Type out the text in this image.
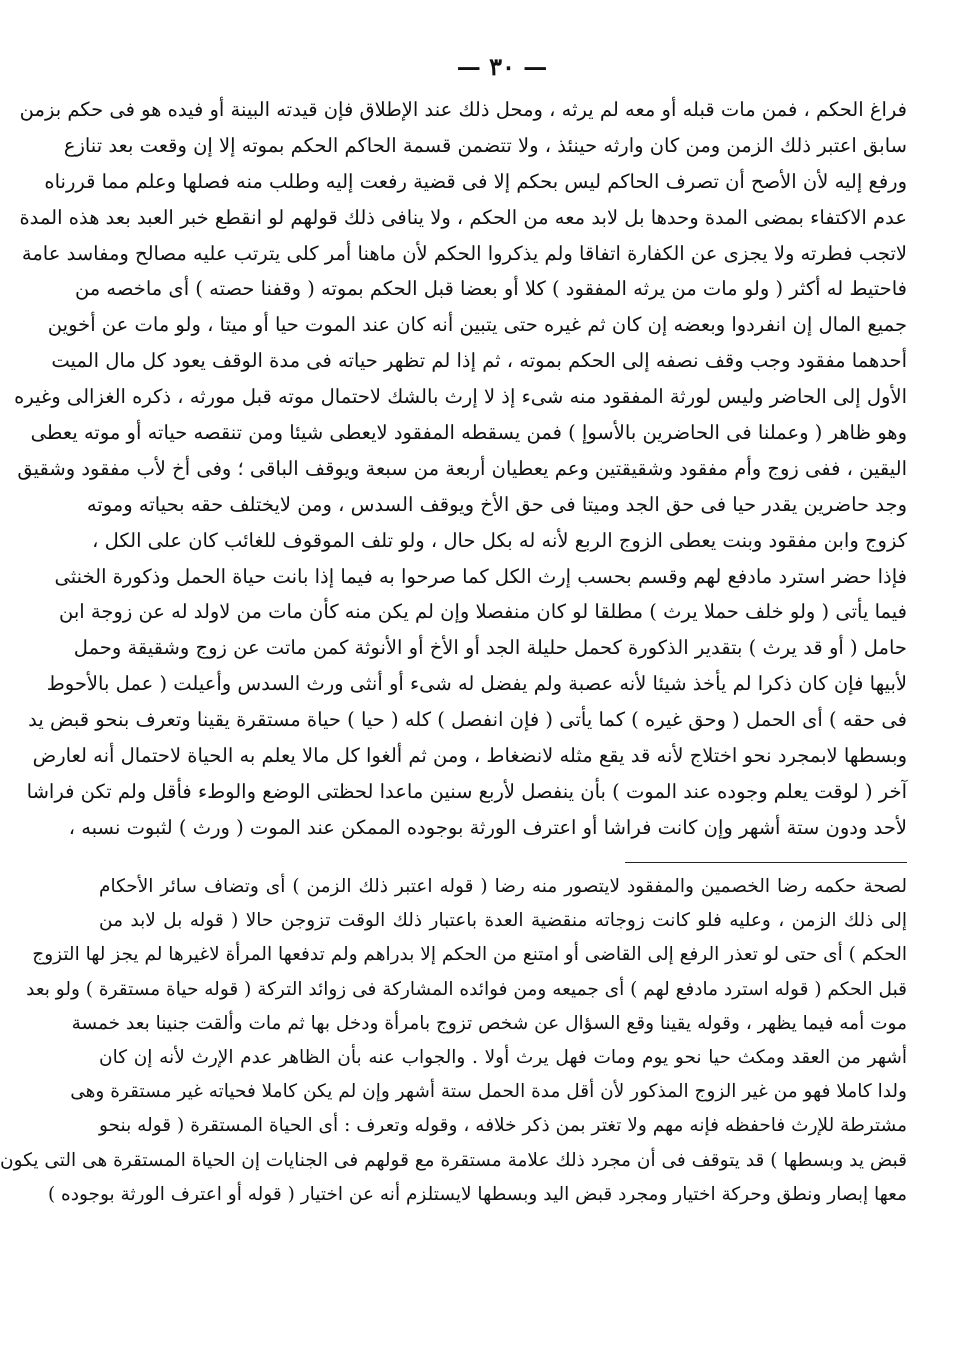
— ٣٠ —
فراغ الحكم ، فمن مات قبله أو معه لم يرثه ، ومحل ذلك عند الإطلاق فإن قيدته البينة أو فيده هو فى حكم بزمن
سابق اعتبر ذلك الزمن ومن كان وارثه حينئذ ، ولا تتضمن قسمة الحاكم الحكم بموته إلا إن وقعت بعد تنازع
ورفع إليه لأن الأصح أن تصرف الحاكم ليس بحكم إلا فى قضية رفعت إليه وطلب منه فصلها وعلم مما قررناه
عدم الاكتفاء بمضى المدة وحدها بل لابد معه من الحكم ، ولا ينافى ذلك قولهم لو انقطع خبر العبد بعد هذه المدة
لاتجب فطرته ولا يجزى عن الكفارة اتفاقا ولم يذكروا الحكم لأن ماهنا أمر كلى يترتب عليه مصالح ومفاسد عامة
فاحتيط له أكثر ( ولو مات من يرثه المفقود ) كلا أو بعضا قبل الحكم بموته ( وقفنا حصته ) أى ماخصه من
جميع المال إن انفردوا وبعضه إن كان ثم غيره حتى يتبين أنه كان عند الموت حيا أو ميتا ، ولو مات عن أخوين
أحدهما مفقود وجب وقف نصفه إلى الحكم بموته ، ثم إذا لم تظهر حياته فى مدة الوقف يعود كل مال الميت
الأول إلى الحاضر وليس لورثة المفقود منه شىء إذ لا إرث بالشك لاحتمال موته قبل مورثه ، ذكره الغزالى وغيره
وهو ظاهر ( وعملنا فى الحاضرين بالأسوإ ) فمن يسقطه المفقود لايعطى شيئا ومن تنقصه حياته أو موته يعطى
اليقين ، ففى زوج وأم مفقود وشقيقتين وعم يعطيان أربعة من سبعة ويوقف الباقى ؛ وفى أخ لأب مفقود وشقيق
وجد حاضرين يقدر حيا فى حق الجد وميتا فى حق الأخ ويوقف السدس ، ومن لايختلف حقه بحياته وموته
كزوج وابن مفقود وبنت يعطى الزوج الربع لأنه له بكل حال ، ولو تلف الموقوف للغائب كان على الكل ،
فإذا حضر استرد مادفع لهم وقسم بحسب إرث الكل كما صرحوا به فيما إذا بانت حياة الحمل وذكورة الخنثى
فيما يأتى ( ولو خلف حملا يرث ) مطلقا لو كان منفصلا وإن لم يكن منه كأن مات من لاولد له عن زوجة ابن
حامل ( أو قد يرث ) بتقدير الذكورة كحمل حليلة الجد أو الأخ أو الأنوثة كمن ماتت عن زوج وشقيقة وحمل
لأبيها فإن كان ذكرا لم يأخذ شيئا لأنه عصبة ولم يفضل له شىء أو أنثى ورث السدس وأعيلت ( عمل بالأحوط
فى حقه ) أى الحمل ( وحق غيره ) كما يأتى ( فإن انفصل ) كله ( حيا ) حياة مستقرة يقينا وتعرف بنحو قبض يد
وبسطها لابمجرد نحو اختلاج لأنه قد يقع مثله لانضغاط ، ومن ثم ألغوا كل مالا يعلم به الحياة لاحتمال أنه لعارض
آخر ( لوقت يعلم وجوده عند الموت ) بأن ينفصل لأربع سنين ماعدا لحظتى الوضع والوطء فأقل ولم تكن فراشا
لأحد ودون ستة أشهر وإن كانت فراشا أو اعترف الورثة بوجوده الممكن عند الموت ( ورث ) لثبوت نسبه ،
لصحة حكمه رضا الخصمين والمفقود لايتصور منه رضا ( قوله اعتبر ذلك الزمن ) أى وتضاف سائر الأحكام
إلى ذلك الزمن ، وعليه فلو كانت زوجاته منقضية العدة باعتبار ذلك الوقت تزوجن حالا ( قوله بل لابد من
الحكم ) أى حتى لو تعذر الرفع إلى القاضى أو امتنع من الحكم إلا بدراهم ولم تدفعها المرأة لاغيرها لم يجز لها التزوج
قبل الحكم ( قوله استرد مادفع لهم ) أى جميعه ومن فوائده المشاركة فى زوائد التركة ( قوله حياة مستقرة ) ولو بعد
موت أمه فيما يظهر ، وقوله يقينا وقع السؤال عن شخص تزوج بامرأة ودخل بها ثم مات وألقت جنينا بعد خمسة
أشهر من العقد ومكث حيا نحو يوم ومات فهل يرث أولا . والجواب عنه بأن الظاهر عدم الإرث لأنه إن كان
ولدا كاملا فهو من غير الزوج المذكور لأن أقل مدة الحمل ستة أشهر وإن لم يكن كاملا فحياته غير مستقرة وهى
مشترطة للإرث فاحفظه فإنه مهم ولا تغتر بمن ذكر خلافه ، وقوله وتعرف : أى الحياة المستقرة ( قوله بنحو
قبض يد وبسطها ) قد يتوقف فى أن مجرد ذلك علامة مستقرة مع قولهم فى الجنايات إن الحياة المستقرة هى التى يكون
معها إبصار ونطق وحركة اختيار ومجرد قبض اليد وبسطها لايستلزم أنه عن اختيار ( قوله أو اعترف الورثة بوجوده )
